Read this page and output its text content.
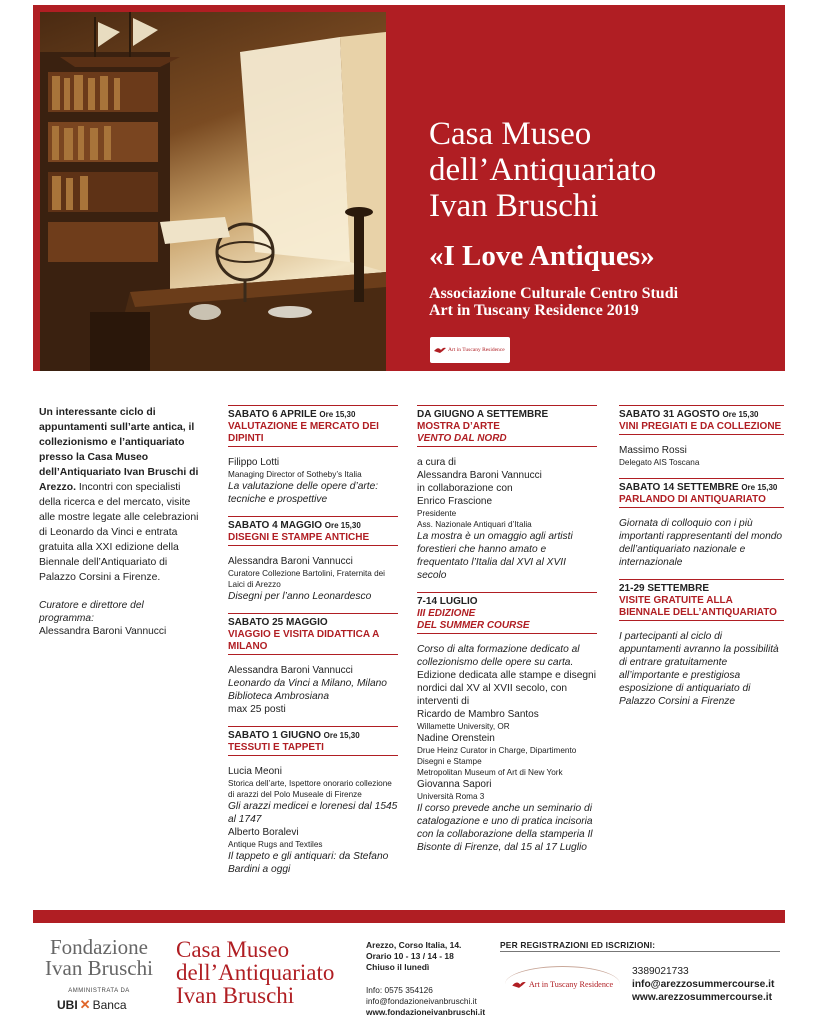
Casa Museo
dell’Antiquariato
Ivan Bruschi
«I Love Antiques»
Associazione Culturale Centro Studi
Art in Tuscany Residence 2019
Art in Tuscany Residence

Un interessante ciclo di appuntamenti sull’arte antica, il collezionismo e l’antiquariato presso la Casa Museo dell’Antiquariato Ivan Bruschi di Arezzo. Incontri con specialisti della ricerca e del mercato, visite alle mostre legate alle celebrazioni di Leonardo da Vinci e entrata gratuita alla XXI edizione della Biennale dell’Antiquariato di Palazzo Corsini a Firenze.

Curatore e direttore del programma:

Alessandra Baroni Vannucci

SABATO 6 APRILE Ore 15,30
VALUTAZIONE E MERCATO DEI DIPINTI
Filippo Lotti
Managing Director of Sotheby’s Italia
La valutazione delle opere d’arte: tecniche e prospettive
SABATO 4 MAGGIO Ore 15,30
DISEGNI E STAMPE ANTICHE
Alessandra Baroni Vannucci
Curatore Collezione Bartolini, Fraternita dei Laici di Arezzo
Disegni per l’anno Leonardesco
SABATO 25 MAGGIO
VIAGGIO E VISITA DIDATTICA A MILANO
Alessandra Baroni Vannucci
Leonardo da Vinci a Milano, Milano Biblioteca Ambrosiana
max 25 posti
SABATO 1 GIUGNO Ore 15,30
TESSUTI E TAPPETI
Lucia Meoni
Storica dell’arte, Ispettore onorario collezione di arazzi del Polo Museale di Firenze
Gli arazzi medicei e lorenesi dal 1545 al 1747
Alberto Boralevi
Antique Rugs and Textiles
Il tappeto e gli antiquari: da Stefano Bardini a oggi
DA GIUGNO A SETTEMBRE
MOSTRA D’ARTE
VENTO DAL NORD
a cura di
Alessandra Baroni Vannucci
in collaborazione con
Enrico Frascione
Presidente
Ass. Nazionale Antiquari d’Italia
La mostra è un omaggio agli artisti forestieri che hanno amato e frequentato l’Italia dal XVI al XVII secolo
7-14 LUGLIO
III EDIZIONE
DEL SUMMER COURSE
Corso di alta formazione dedicato al collezionismo delle opere su carta.
Edizione dedicata alle stampe e disegni nordici dal XV al XVII secolo, con interventi di
Ricardo de Mambro Santos
Willamette University, OR
Nadine Orenstein
Drue Heinz Curator in Charge, Dipartimento Disegni e Stampe
Metropolitan Museum of Art di New York
Giovanna Sapori
Università Roma 3
Il corso prevede anche un seminario di catalogazione e uno di pratica incisoria con la collaborazione della stamperia Il Bisonte di Firenze, dal 15 al 17 Luglio
SABATO 31 AGOSTO Ore 15,30
VINI PREGIATI E DA COLLEZIONE
Massimo Rossi
Delegato AIS Toscana
SABATO 14 SETTEMBRE Ore 15,30
PARLANDO DI ANTIQUARIATO
Giornata di colloquio con i più importanti rappresentanti del mondo dell’antiquariato nazionale e internazionale
21-29 SETTEMBRE
VISITE GRATUITE ALLA BIENNALE DELL’ANTIQUARIATO
I partecipanti al ciclo di appuntamenti avranno la possibilità di entrare gratuitamente all’importante e prestigiosa esposizione di antiquariato di Palazzo Corsini a Firenze
Fondazione
Ivan Bruschi
AMMINISTRATA DA
UBI ✕ Banca
Casa Museo
dell’Antiquariato
Ivan Bruschi
Arezzo, Corso Italia, 14.
Orario 10 - 13 / 14 - 18
Chiuso il lunedì
Info: 0575 354126
info@fondazioneivanbruschi.it
www.fondazioneivanbruschi.it
PER REGISTRAZIONI ED ISCRIZIONI:
Art in Tuscany Residence
3389021733
info@arezzosummercourse.it
www.arezzosummercourse.it
